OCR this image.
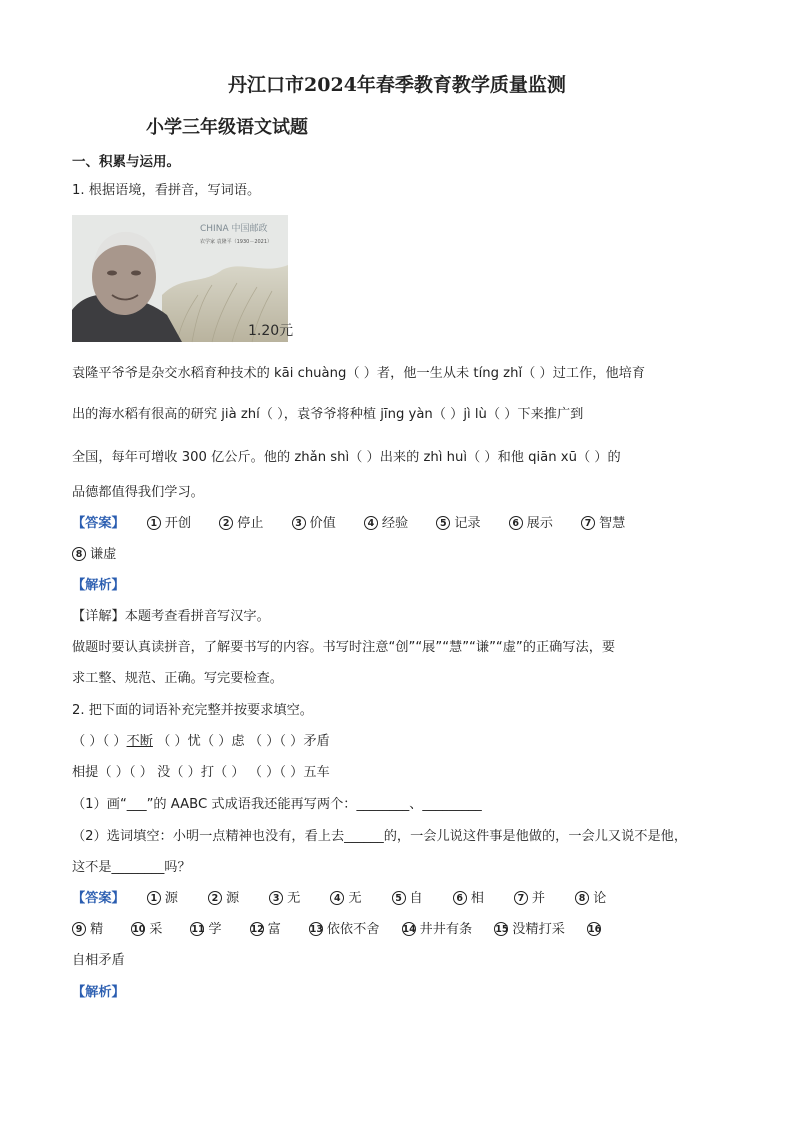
丹江口市2024年春季教育教学质量监测
小学三年级语文试题
一、积累与运用。
1. 根据语境，看拼音，写词语。
CHINA 中国邮政
农学家 袁隆平（1930－2021）
1.20元
袁隆平爷爷是杂交水稻育种技术的 kāi chuàng（ ）者，他一生从未 tíng zhǐ（ ）过工作，他培育
出的海水稻有很高的研究 jià zhí（ ），袁爷爷将种植 jīng yàn（ ）jì lù（ ）下来推广到
全国，每年可增收 300 亿公斤。他的 zhǎn shì（ ）出来的 zhì huì（ ）和他 qiān xū（ ）的
品德都值得我们学习。
【答案】	1 开创	2 停止	3 价值	4 经验	5 记录	6 展示	7 智慧
8 谦虚
【解析】
【详解】本题考查看拼音写汉字。
做题时要认真读拼音，了解要书写的内容。书写时注意“创”“展”“慧”“谦”“虚”的正确写法，要
求工整、规范、正确。写完要检查。
2. 把下面的词语补充完整并按要求填空。
（ ）（ ）不断 （ ）忧（ ）虑 （ ）（ ）矛盾
相提（ ）（ ） 没（ ）打（ ） （ ）（ ）五车
（1）画“___”的 AABC 式成语我还能再写两个：________、_________
（2）选词填空：小明一点精神也没有，看上去______的，一会儿说这件事是他做的，一会儿又说不是他，
这不是________吗？
【答案】	1 源	2 源	3 无	4 无	5 自	6 相	7 并	8 论
9 精	10 采	11 学	12 富	13 依依不舍 14 井井有条 15 没精打采 16
自相矛盾
【解析】
